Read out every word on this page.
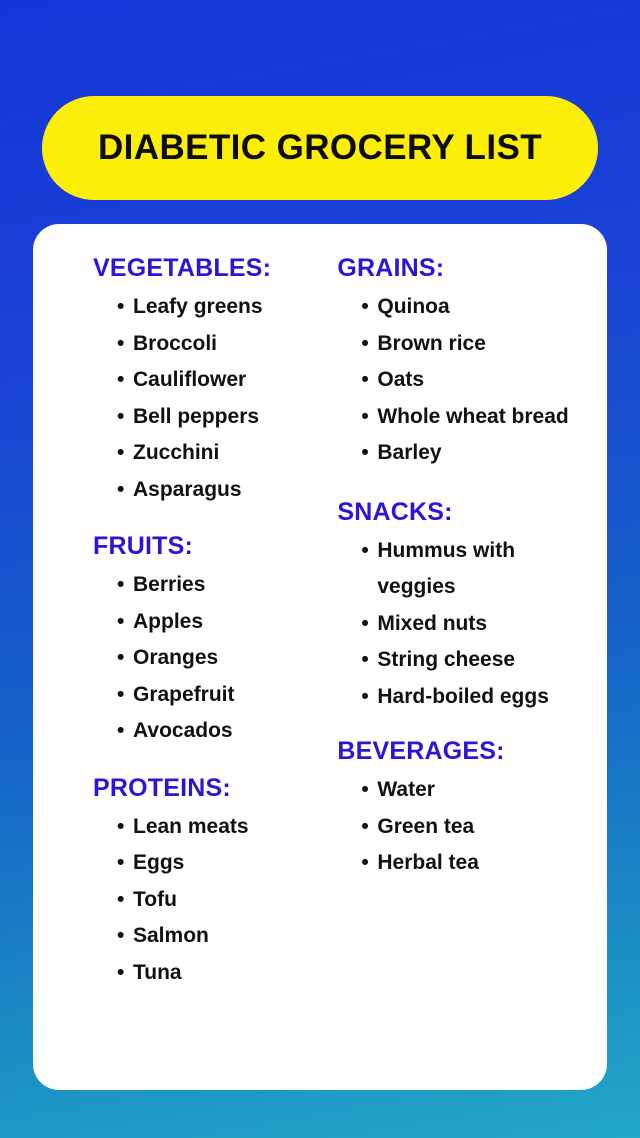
DIABETIC GROCERY LIST
VEGETABLES:
• Leafy greens
• Broccoli
• Cauliflower
• Bell peppers
• Zucchini
• Asparagus
FRUITS:
• Berries
• Apples
• Oranges
• Grapefruit
• Avocados
PROTEINS:
• Lean meats
• Eggs
• Tofu
• Salmon
• Tuna
GRAINS:
• Quinoa
• Brown rice
• Oats
• Whole wheat bread
• Barley
SNACKS:
• Hummus with veggies
• Mixed nuts
• String cheese
• Hard-boiled eggs
BEVERAGES:
• Water
• Green tea
• Herbal tea
